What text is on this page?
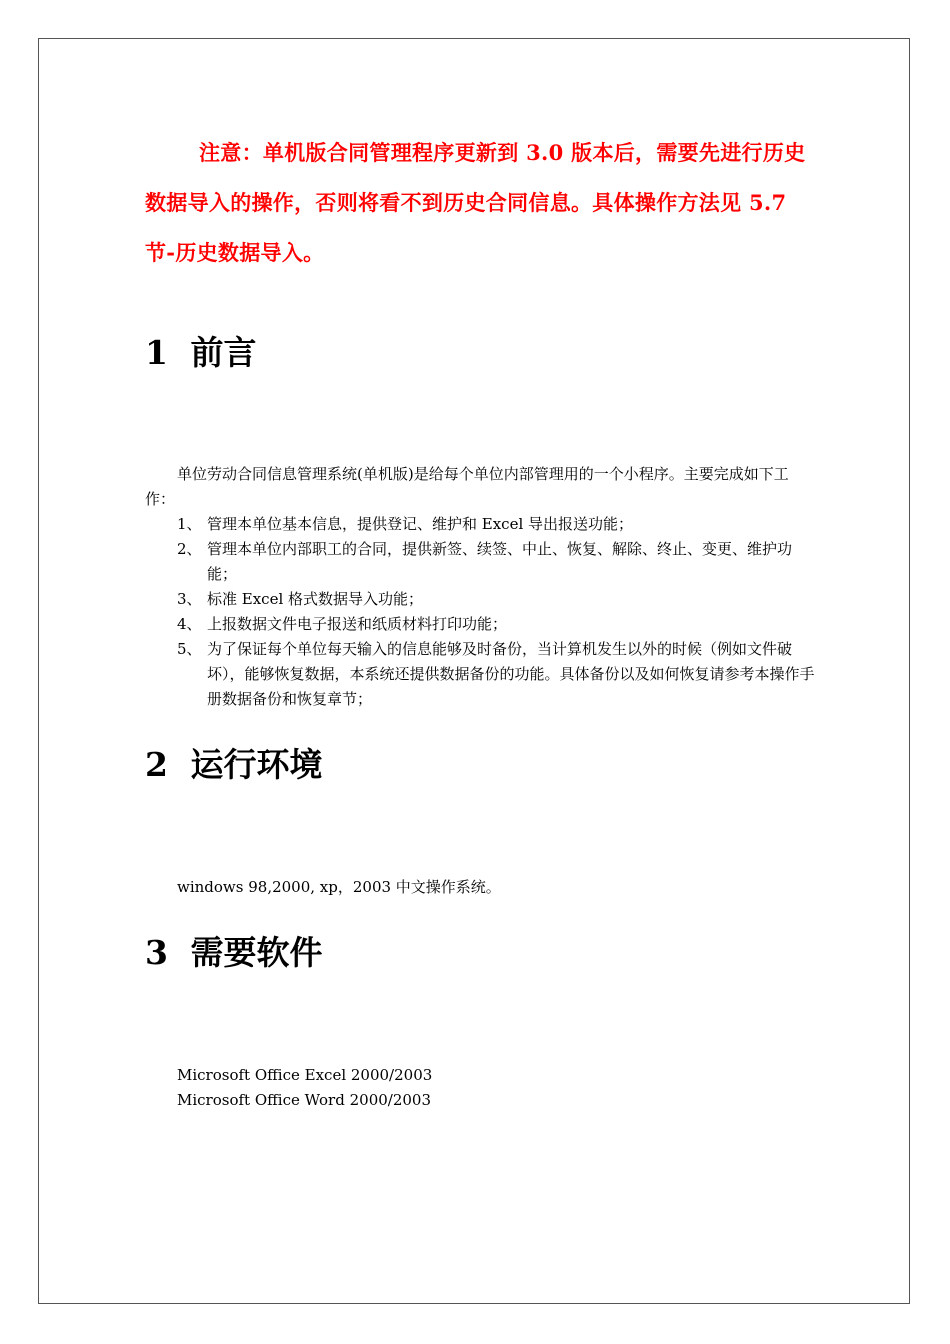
注意：单机版合同管理程序更新到 3.0 版本后，需要先进行历史数据导入的操作，否则将看不到历史合同信息。具体操作方法见 5.7 节-历史数据导入。

1 前言

单位劳动合同信息管理系统(单机版)是给每个单位内部管理用的一个小程序。主要完成如下工作：

1、 管理本单位基本信息，提供登记、维护和 Excel 导出报送功能；
2、 管理本单位内部职工的合同，提供新签、续签、中止、恢复、解除、终止、变更、维护功能；
3、 标准 Excel 格式数据导入功能；
4、 上报数据文件电子报送和纸质材料打印功能；
5、 为了保证每个单位每天输入的信息能够及时备份，当计算机发生以外的时候（例如文件破坏），能够恢复数据，本系统还提供数据备份的功能。具体备份以及如何恢复请参考本操作手册数据备份和恢复章节；
2 运行环境

windows 98,2000, xp，2003 中文操作系统。

3 需要软件

Microsoft Office Excel 2000/2003

Microsoft Office Word 2000/2003
